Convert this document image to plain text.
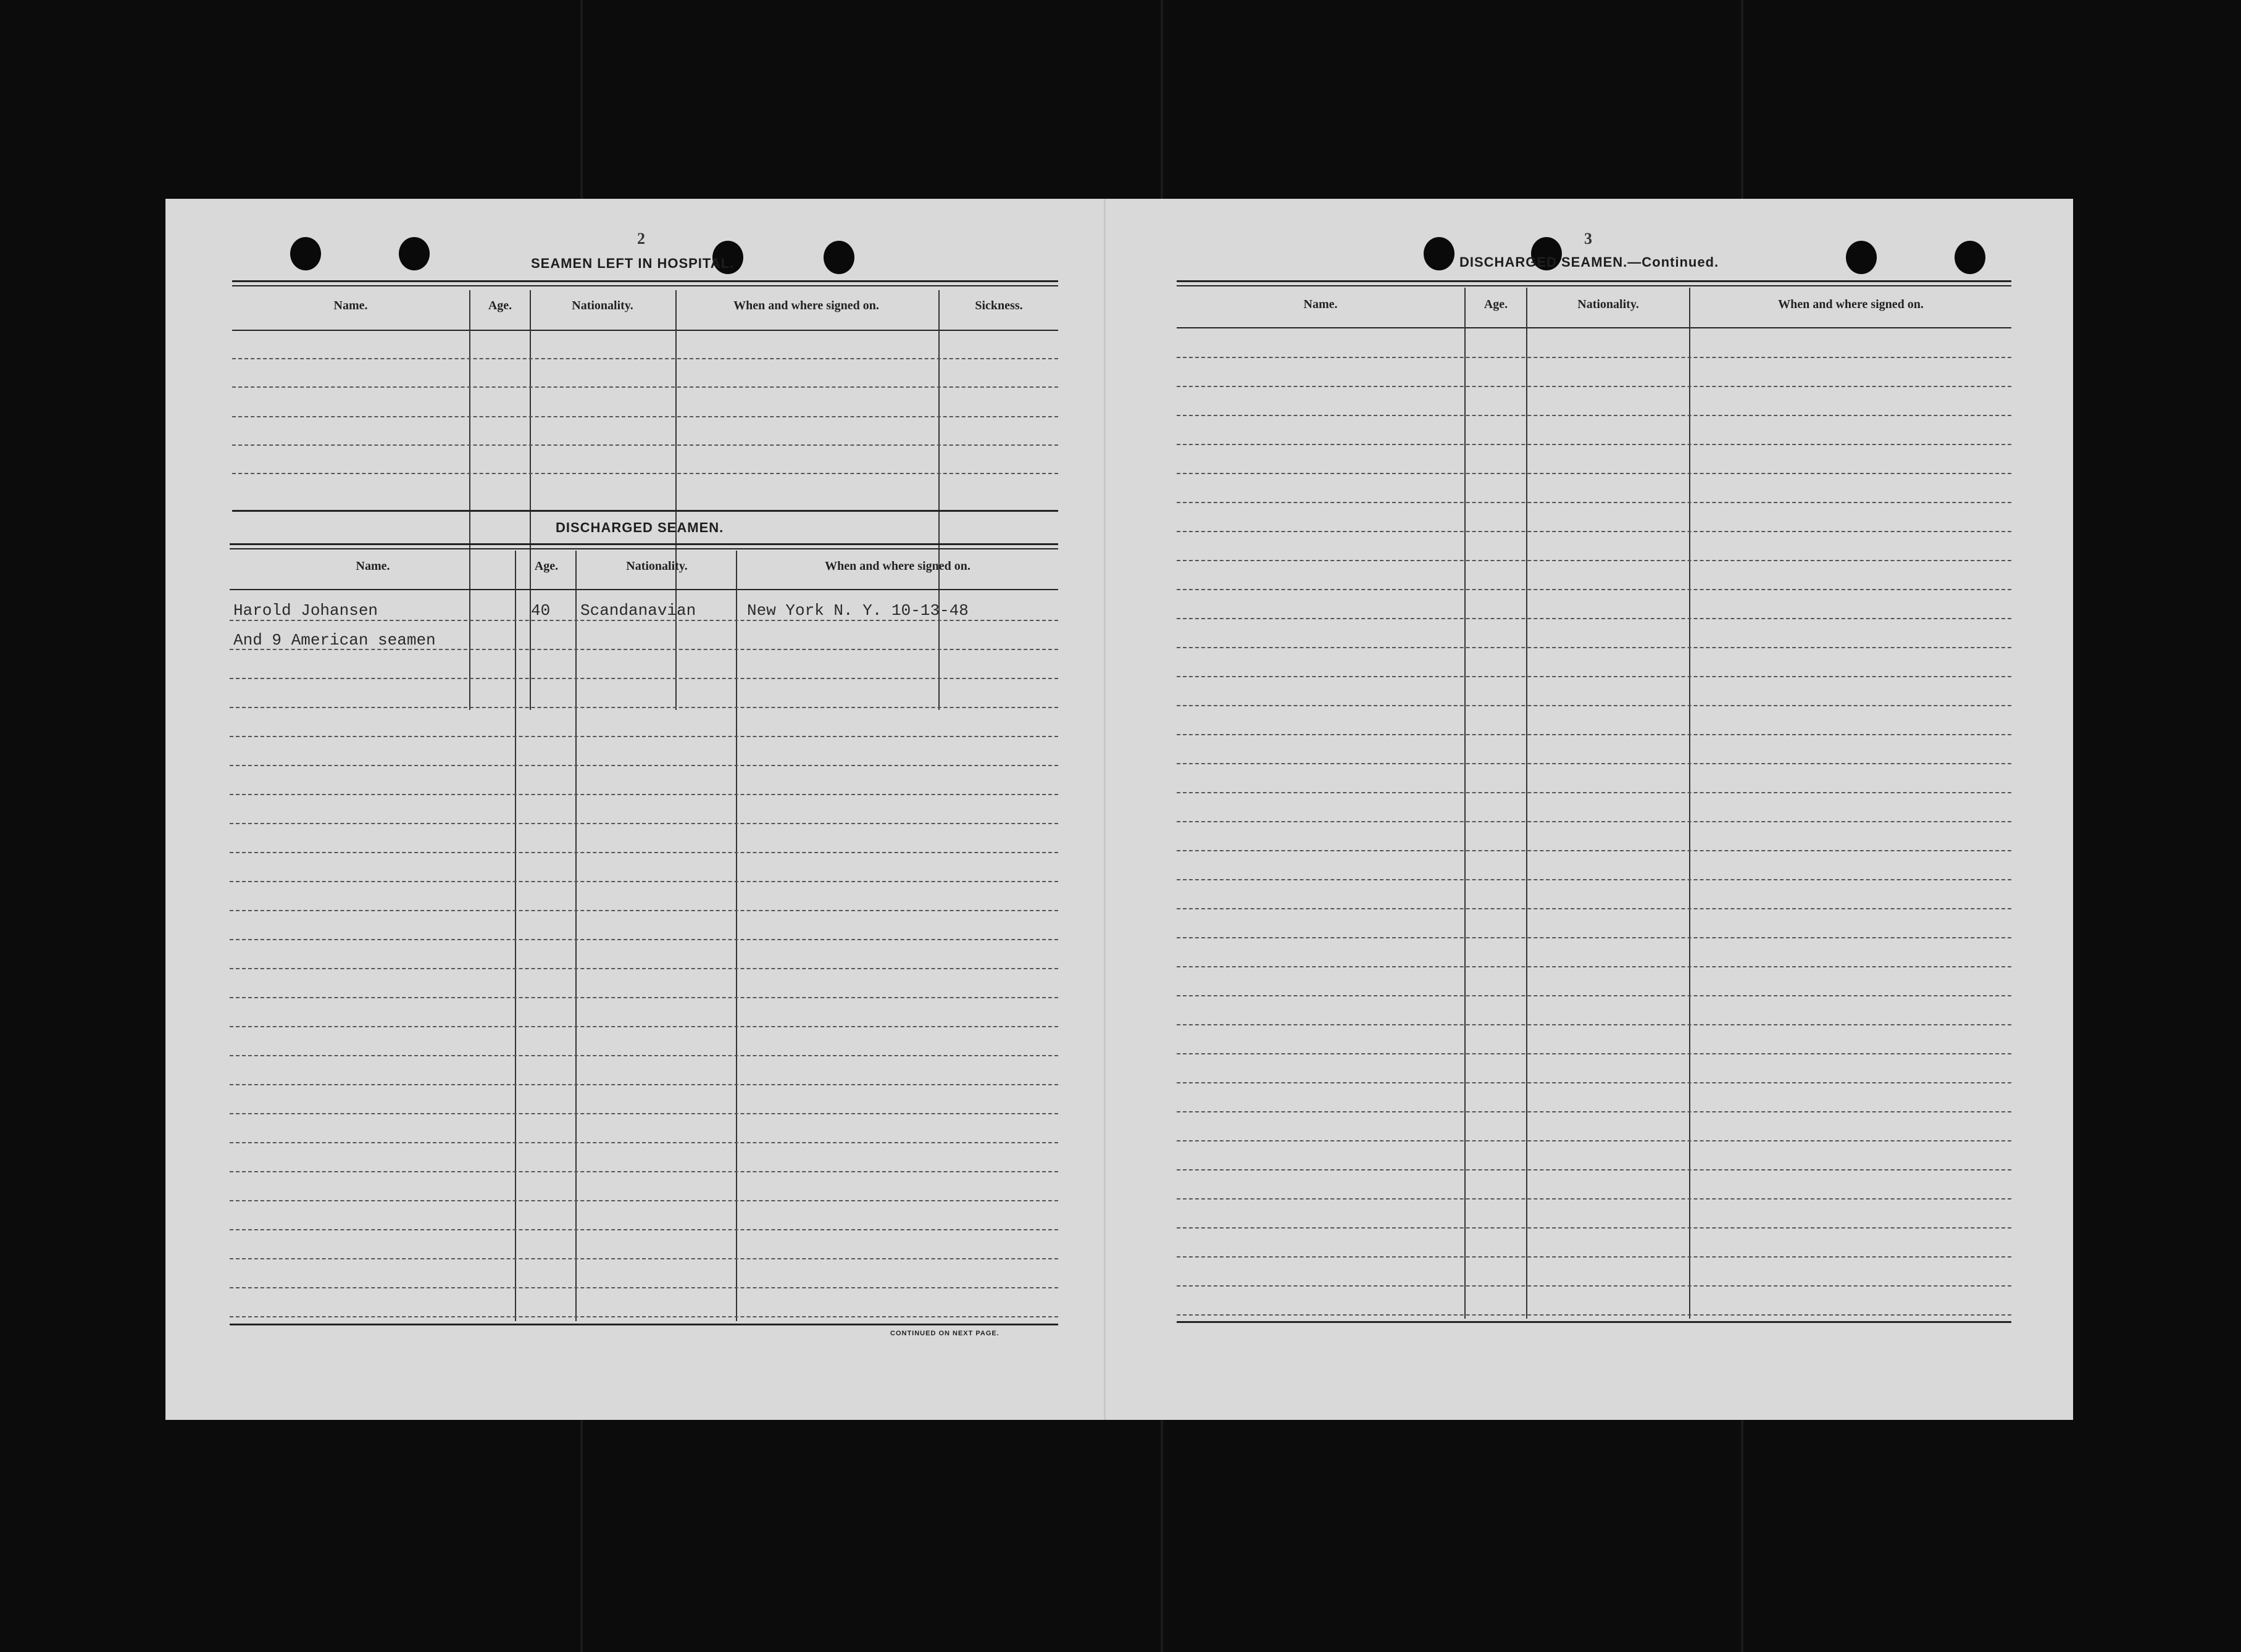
2
SEAMEN LEFT IN HOSPITAL.
Name.	Age.	Nationality.	When and where signed on.	Sickness.
DISCHARGED SEAMEN.
Name.	Age.	Nationality.	When and where signed on.
Harold Johansen	40 Scandanavian	New York N. Y. 10-13-48
And 9 American seamen
CONTINUED ON NEXT PAGE.
3
DISCHARGED SEAMEN.—Continued.
Name.	Age.	Nationality.	When and where signed on.
